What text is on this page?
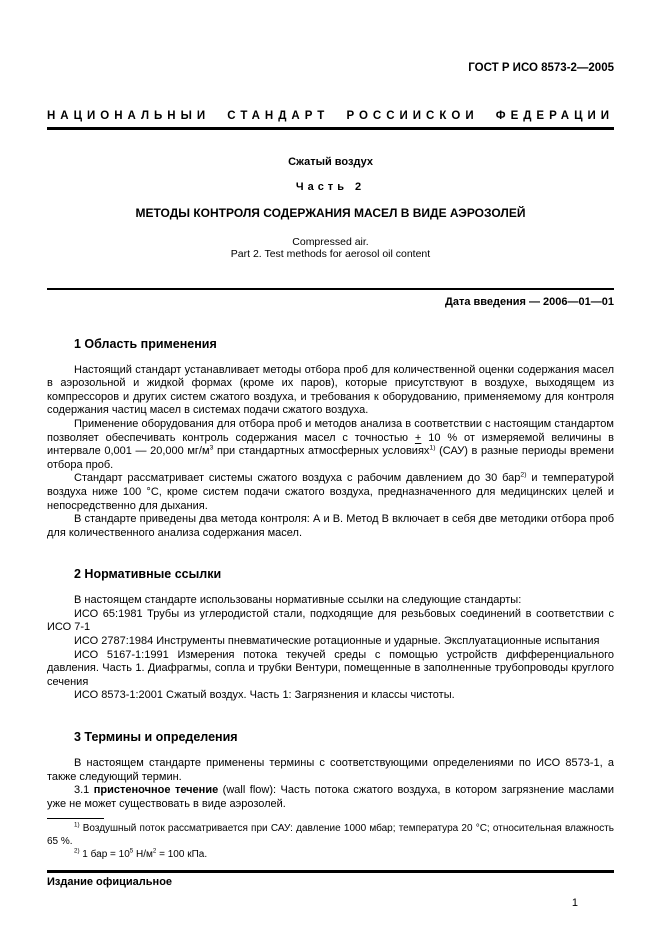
ГОСТ Р ИСО 8573-2—2005
НАЦИОНАЛЬНЫЙ СТАНДАРТ РОССИЙСКОЙ ФЕДЕРАЦИИ
Сжатый воздух
Часть 2
МЕТОДЫ КОНТРОЛЯ СОДЕРЖАНИЯ МАСЕЛ В ВИДЕ АЭРОЗОЛЕЙ
Compressed air.
Part 2. Test methods for aerosol oil content
Дата введения — 2006—01—01
1 Область применения

Настоящий стандарт устанавливает методы отбора проб для количественной оценки содержания масел в аэрозольной и жидкой формах (кроме их паров), которые присутствуют в воздухе, выходящем из компрессоров и других систем сжатого воздуха, и требования к оборудованию, применяемому для контроля содержания частиц масел в системах подачи сжатого воздуха.

Применение оборудования для отбора проб и методов анализа в соответствии с настоящим стандартом позволяет обеспечивать контроль содержания масел с точностью + 10 % от измеряемой величины в интервале 0,001 — 20,000 $мг/м^3$ при стандартных атмосферных условиях$^{1)}$ (САУ) в разные периоды времени отбора проб.

Стандарт рассматривает системы сжатого воздуха с рабочим давлением до 30 бар$^{2)}$ и температурой воздуха ниже 100 °С, кроме систем подачи сжатого воздуха, предназначенного для медицинских целей и непосредственно для дыхания.

В стандарте приведены два метода контроля: А и В. Метод В включает в себя две методики отбора проб для количественного анализа содержания масел.

2 Нормативные ссылки

В настоящем стандарте использованы нормативные ссылки на следующие стандарты:

ИСО 65:1981 Трубы из углеродистой стали, подходящие для резьбовых соединений в соответствии с ИСО 7-1

ИСО 2787:1984 Инструменты пневматические ротационные и ударные. Эксплуатационные испытания

ИСО 5167-1:1991 Измерения потока текучей среды с помощью устройств дифференциального давления. Часть 1. Диафрагмы, сопла и трубки Вентури, помещенные в заполненные трубопроводы круглого сечения

ИСО 8573-1:2001 Сжатый воздух. Часть 1: Загрязнения и классы чистоты.

3 Термины и определения

В настоящем стандарте применены термины с соответствующими определениями по ИСО 8573-1, а также следующий термин.

3.1 пристеночное течение (wall flow): Часть потока сжатого воздуха, в котором загрязнение маслами уже не может существовать в виде аэрозолей.

$^{1)}$ Воздушный поток рассматривается при САУ: давление 1000 мбар; температура 20 °С; относительная влажность 65 %.

$^{2)}$ 1 бар = $10^5$ $Н/м^2 = 100$ кПа.

Издание официальное
1
